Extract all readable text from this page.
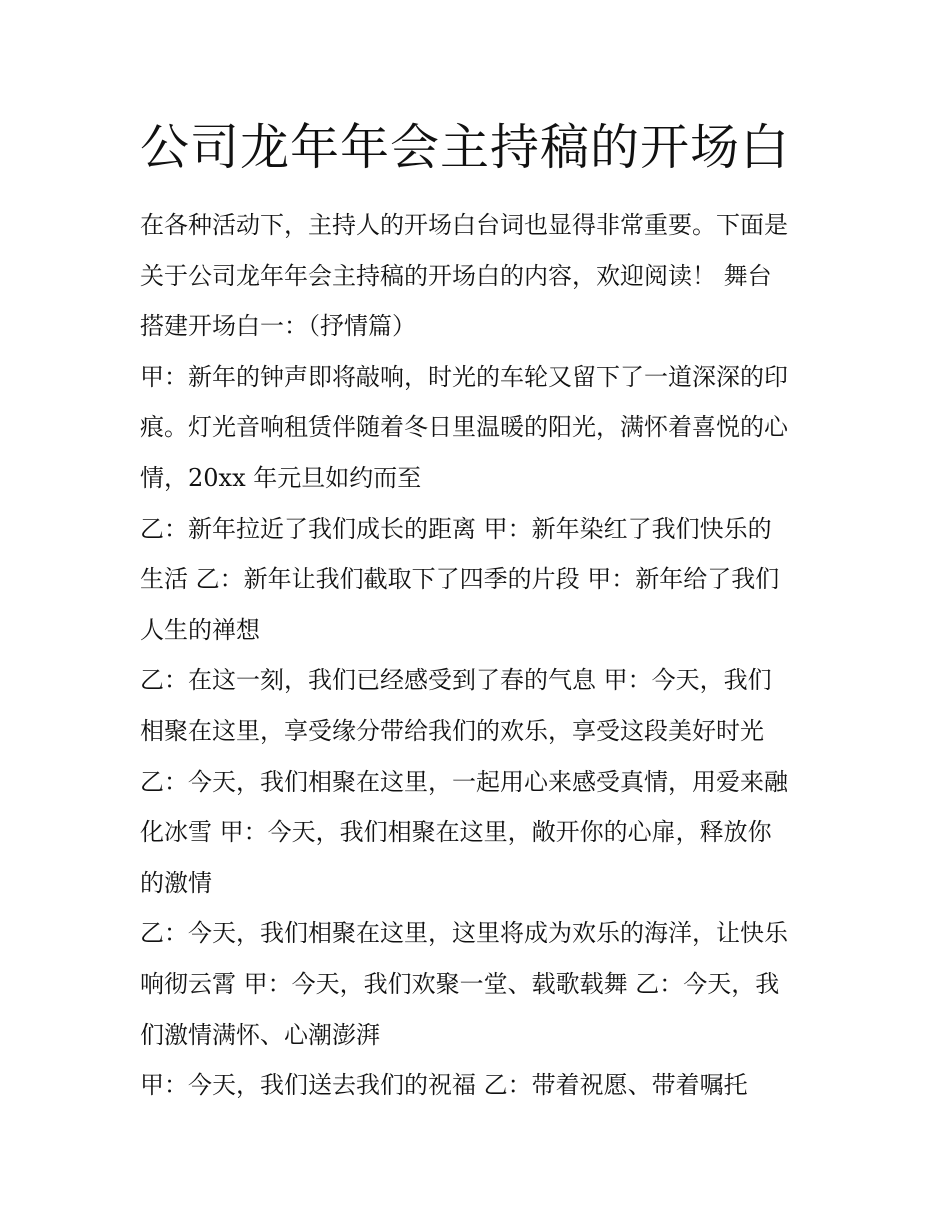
公司龙年年会主持稿的开场白

在各种活动下，主持人的开场白台词也显得非常重要。下面是
关于公司龙年年会主持稿的开场白的内容，欢迎阅读！ 舞台
搭建开场白一：（抒情篇）

甲：新年的钟声即将敲响，时光的车轮又留下了一道深深的印
痕。灯光音响租赁伴随着冬日里温暖的阳光，满怀着喜悦的心
情，20xx 年元旦如约而至

乙：新年拉近了我们成长的距离 甲：新年染红了我们快乐的
生活 乙：新年让我们截取下了四季的片段 甲：新年给了我们
人生的禅想

乙：在这一刻，我们已经感受到了春的气息 甲：今天，我们
相聚在这里，享受缘分带给我们的欢乐，享受这段美好时光

乙：今天，我们相聚在这里，一起用心来感受真情，用爱来融
化冰雪 甲：今天，我们相聚在这里，敞开你的心扉，释放你
的激情

乙：今天，我们相聚在这里，这里将成为欢乐的海洋，让快乐
响彻云霄 甲：今天，我们欢聚一堂、载歌载舞 乙：今天，我
们激情满怀、心潮澎湃

甲：今天，我们送去我们的祝福 乙：带着祝愿、带着嘱托
